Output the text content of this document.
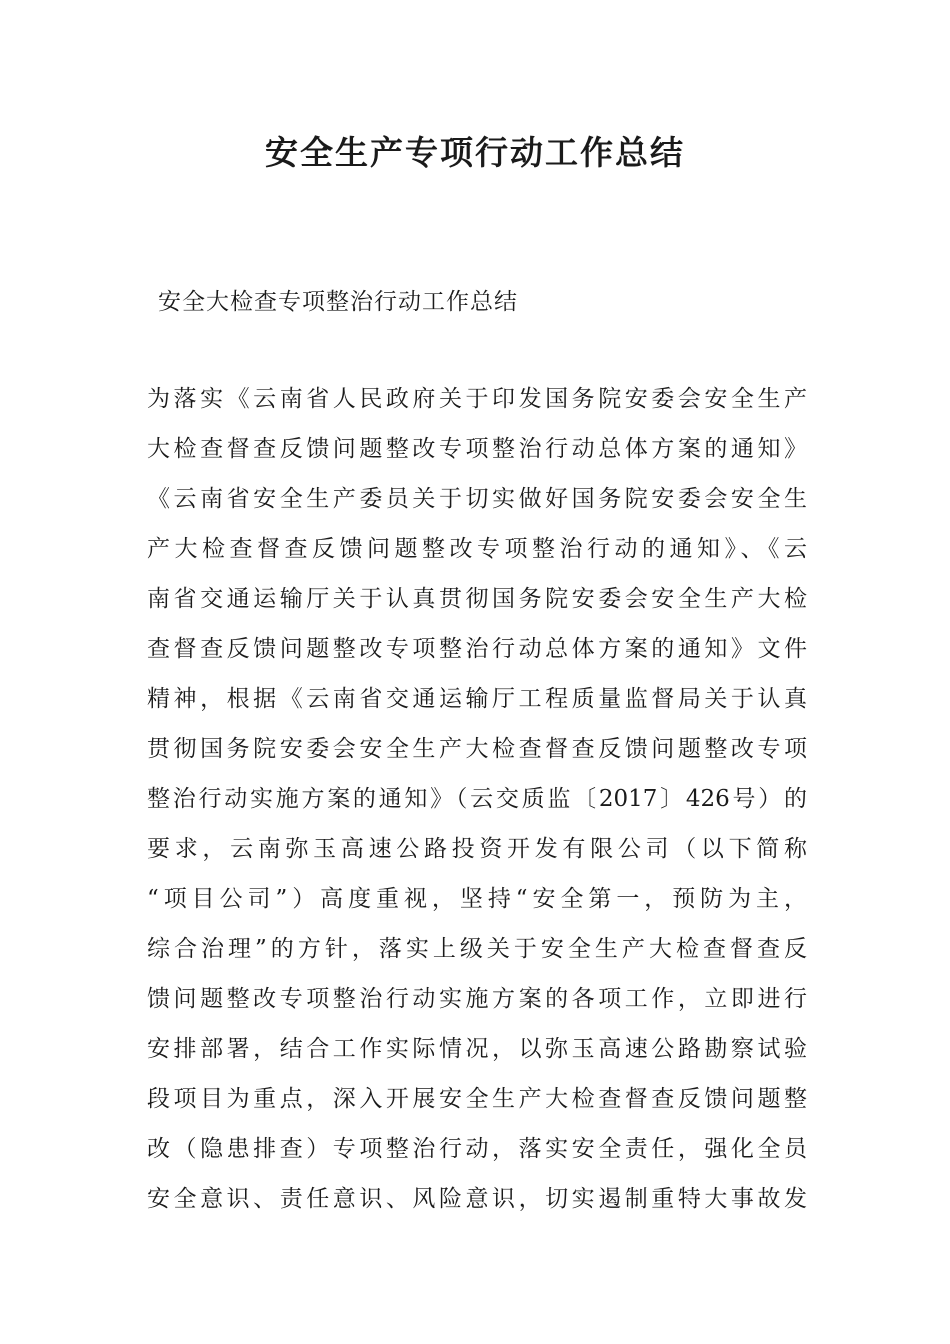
安全生产专项行动工作总结

安全大检查专项整治行动工作总结

为落实《云南省人民政府关于印发国务院安委会安全生产
大检查督查反馈问题整改专项整治行动总体方案的通知》
《云南省安全生产委员关于切实做好国务院安委会安全生
产大检查督查反馈问题整改专项整治行动的通知》、《云
南省交通运输厅关于认真贯彻国务院安委会安全生产大检
查督查反馈问题整改专项整治行动总体方案的通知》文件
精神，根据《云南省交通运输厅工程质量监督局关于认真
贯彻国务院安委会安全生产大检查督查反馈问题整改专项
整治行动实施方案的通知》（云交质监〔2017〕426号）的
要求，云南弥玉高速公路投资开发有限公司（以下简称
“项目公司”）高度重视，坚持“安全第一，预防为主，
综合治理”的方针，落实上级关于安全生产大检查督查反
馈问题整改专项整治行动实施方案的各项工作，立即进行
安排部署，结合工作实际情况，以弥玉高速公路勘察试验
段项目为重点，深入开展安全生产大检查督查反馈问题整
改（隐患排查）专项整治行动，落实安全责任，强化全员
安全意识、责任意识、风险意识，切实遏制重特大事故发
